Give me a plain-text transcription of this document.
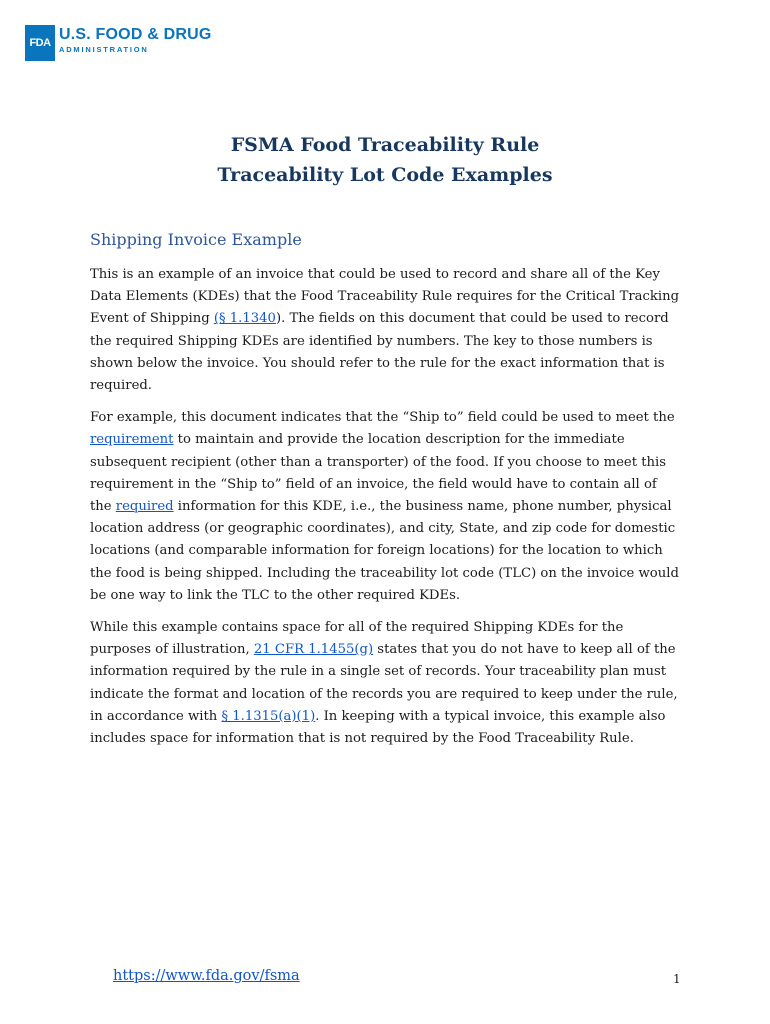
FDA U.S. FOOD & DRUG
ADMINISTRATION
FSMA Food Traceability Rule
Traceability Lot Code Examples
Shipping Invoice Example

This is an example of an invoice that could be used to record and share all of the Key Data Elements (KDEs) that the Food Traceability Rule requires for the Critical Tracking Event of Shipping (§ 1.1340). The fields on this document that could be used to record the required Shipping KDEs are identified by numbers. The key to those numbers is shown below the invoice. You should refer to the rule for the exact information that is required.

For example, this document indicates that the “Ship to” field could be used to meet the requirement to maintain and provide the location description for the immediate subsequent recipient (other than a transporter) of the food. If you choose to meet this requirement in the “Ship to” field of an invoice, the field would have to contain all of the required information for this KDE, i.e., the business name, phone number, physical location address (or geographic coordinates), and city, State, and zip code for domestic locations (and comparable information for foreign locations) for the location to which the food is being shipped. Including the traceability lot code (TLC) on the invoice would be one way to link the TLC to the other required KDEs.

While this example contains space for all of the required Shipping KDEs for the purposes of illustration, 21 CFR 1.1455(g) states that you do not have to keep all of the information required by the rule in a single set of records. Your traceability plan must indicate the format and location of the records you are required to keep under the rule, in accordance with § 1.1315(a)(1). In keeping with a typical invoice, this example also includes space for information that is not required by the Food Traceability Rule.

https://www.fda.gov/fsma	1
